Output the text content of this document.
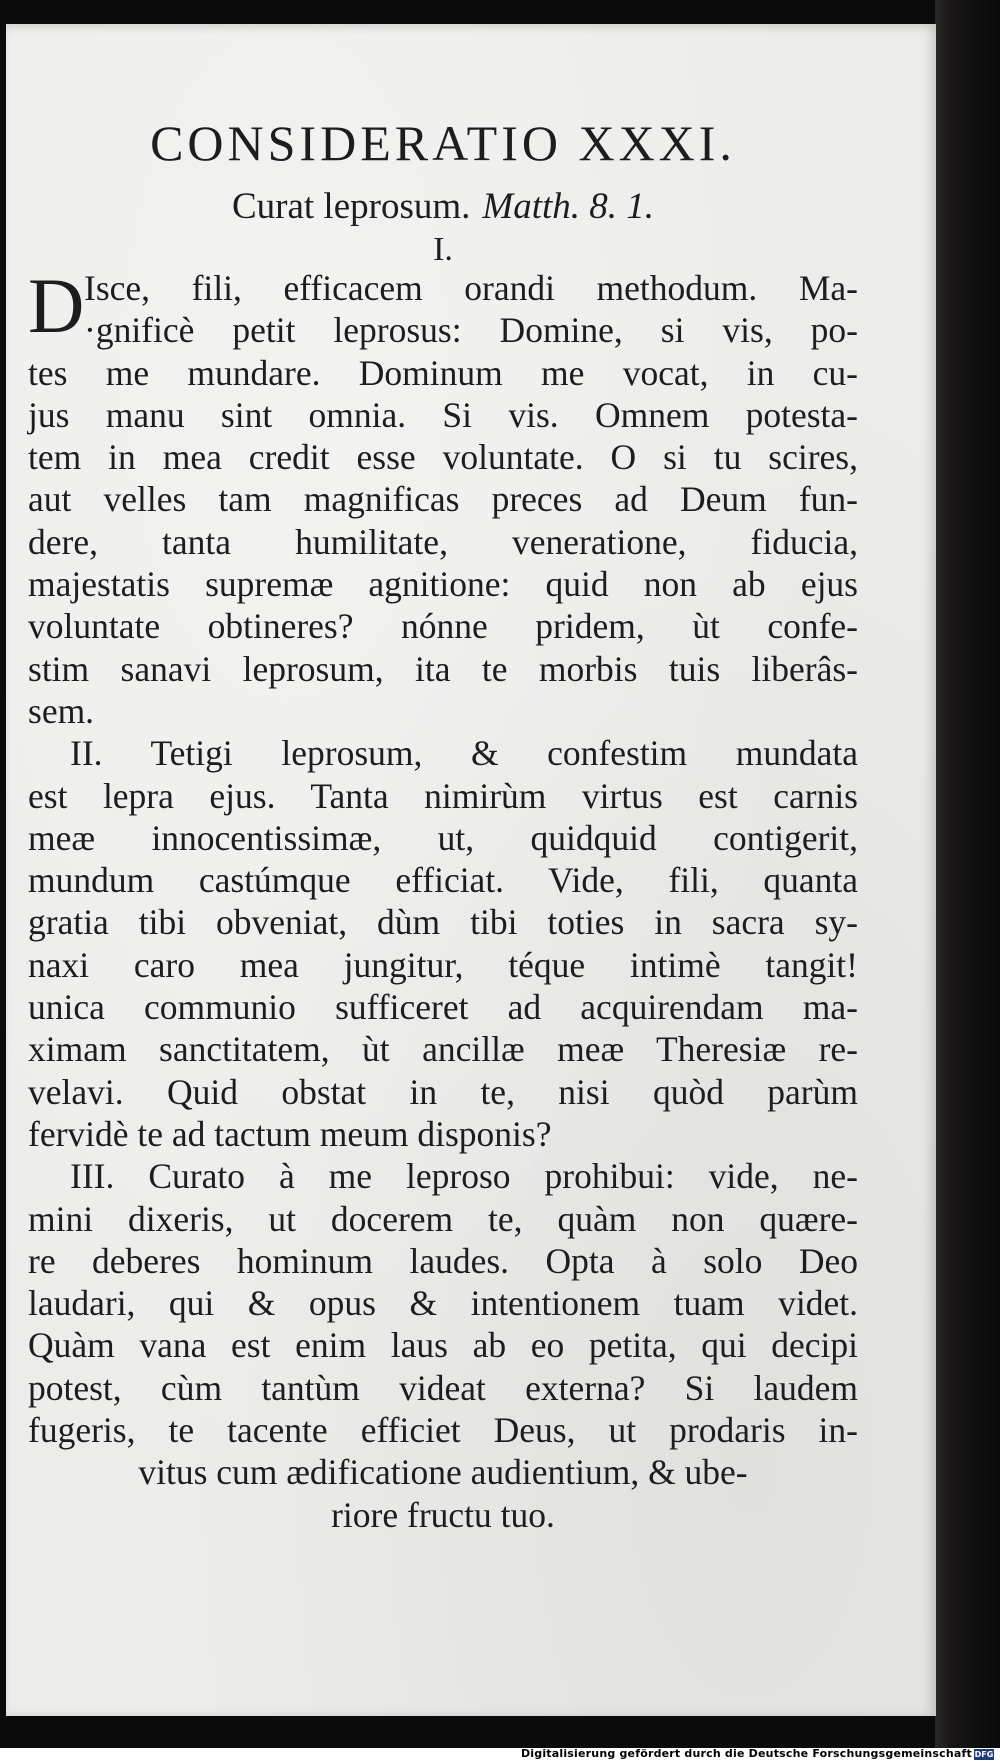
CONSIDERATIO XXXI.
Curat leprosum. Matth. 8. 1.
I.
D Isce, fili, efficacem orandi methodum. Ma-
·gnificè petit leprosus: Domine, si vis, po-
tes me mundare. Dominum me vocat, in cu-
jus manu sint omnia. Si vis. Omnem potesta-
tem in mea credit esse voluntate. O si tu scires,
aut velles tam magnificas preces ad Deum fun-
dere, tanta humilitate, veneratione, fiducia,
majestatis supremæ agnitione: quid non ab ejus
voluntate obtineres? nónne pridem, ùt confe-
stim sanavi leprosum, ita te morbis tuis liberâs-
sem.
II. Tetigi leprosum, & confestim mundata
est lepra ejus. Tanta nimirùm virtus est carnis
meæ innocentissimæ, ut, quidquid contigerit,
mundum castúmque efficiat. Vide, fili, quanta
gratia tibi obveniat, dùm tibi toties in sacra sy-
naxi caro mea jungitur, téque intimè tangit!
unica communio sufficeret ad acquirendam ma-
ximam sanctitatem, ùt ancillæ meæ Theresiæ re-
velavi. Quid obstat in te, nisi quòd parùm
fervidè te ad tactum meum disponis?
III. Curato à me leproso prohibui: vide, ne-
mini dixeris, ut docerem te, quàm non quære-
re deberes hominum laudes. Opta à solo Deo
laudari, qui & opus & intentionem tuam videt.
Quàm vana est enim laus ab eo petita, qui decipi
potest, cùm tantùm videat externa? Si laudem
fugeris, te tacente efficiet Deus, ut prodaris in-
vitus cum ædificatione audientium, & ube-
riore fructu tuo.
Digitalisierung gefördert durch die Deutsche Forschungsgemeinschaft DFG
